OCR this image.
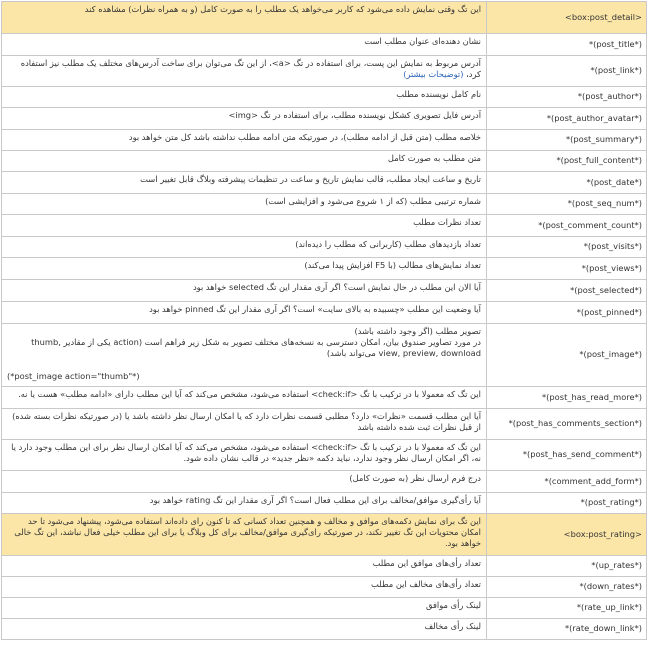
<box:post_detail>	این تگ وقتی نمایش داده می‌شود که کاربر می‌خواهد یک مطلب را به صورت کامل (و به همراه نظرات) مشاهده کند

*(post_title*)	نشان دهنده‌ای عنوان مطلب است

*(post_link*)	آدرس مربوط به نمایش این پست، برای استفاده در تگ <a>، از این تگ می‌توان برای ساخت آدرس‌های مختلف یک مطلب نیز استفاده کرد، (توضیحات بیشتر)
*(post_author*)	نام کامل نویسنده مطلب

*(post_author_avatar*)	آدرس فایل تصویری کشکل نویسنده مطلب، برای استفاده در تگ <img>

*(post_summary*)	خلاصه مطلب (متن قبل از ادامه مطلب)، در صورتیکه متن ادامه مطلب نداشته باشد کل متن خواهد بود

*(post_full_content*)	متن مطلب به صورت کامل

*(post_date*)	تاریخ و ساعت ایجاد مطلب، قالب نمایش تاریخ و ساعت در تنظیمات پیشرفته وبلاگ قابل تغییر است

*(post_seq_num*)	شماره ترتیبی مطلب (که از ۱ شروع می‌شود و افزایشی است)

*(post_comment_count*)	تعداد نظرات مطلب

*(post_visits*)	تعداد بازدیدهای مطلب (کاربرانی که مطلب را دیده‌اند)

*(post_views*)	تعداد نمایش‌های مطالب (با F5 افزایش پیدا می‌کند)

*(post_selected*)	آیا الان این مطلب در حال نمایش است؟ اگر آری مقدار این تگ selected خواهد بود

*(post_pinned*)	آیا وضعیت این مطلب «چسبیده به بالای سایت» است؟ اگر آری مقدار این تگ pinned خواهد بود

*(post_image*)	تصویر مطلب (اگر وجود داشته باشد)
در مورد تصاویر صندوق بیان، امکان دسترسی به نسخه‌های مختلف تصویر به شکل زیر فراهم است (action یکی از مقادیر thumb, view, preview, download می‌تواند باشد)
(*post_image action="thumb"*)

*(post_has_read_more*)	این تگ که معمولا با در ترکیب با تگ <check:if> استفاده می‌شود، مشخص می‌کند که آیا این مطلب دارای «ادامه مطلب» هست یا نه.

*(post_has_comments_section*)	آیا این مطلب قسمت «نظرات» دارد؟ مطلبی قسمت نظرات دارد که یا امکان ارسال نظر داشته باشد یا (در صورتیکه نظرات بسته شده) از قبل نظرات ثبت شده داشته باشد

*(post_has_send_comment*)	این تگ که معمولا با در ترکیب با تگ <check:if> استفاده می‌شود، مشخص می‌کند که آیا امکان ارسال نظر برای این مطلب وجود دارد یا نه، اگر امکان ارسال نظر وجود ندارد، نباید دکمه «نظر جدید» در قالب نشان داده شود.

*(comment_add_form*)	درج فرم ارسال نظر (به صورت کامل)

*(post_rating*)	آیا رأی‌گیری موافق/مخالف برای این مطلب فعال است؟ اگر آری مقدار این تگ rating خواهد بود

<box:post_rating>	این تگ برای نمایش دکمه‌های موافق و مخالف و همچنین تعداد کسانی که تا کنون رای داده‌اند استفاده می‌شود، پیشنهاد می‌شود تا حد امکان محتویات این تگ تغییر نکند، در صورتیکه رای‌گیری موافق/مخالف برای کل وبلاگ یا برای این مطلب خیلی فعال نباشد، این تگ خالی خواهد بود.

*(up_rates*)	تعداد رأی‌های موافق این مطلب

*(down_rates*)	تعداد رأی‌های مخالف این مطلب

*(rate_up_link*)	لینک رأی موافق

*(rate_down_link*)	لینک رأی مخالف
